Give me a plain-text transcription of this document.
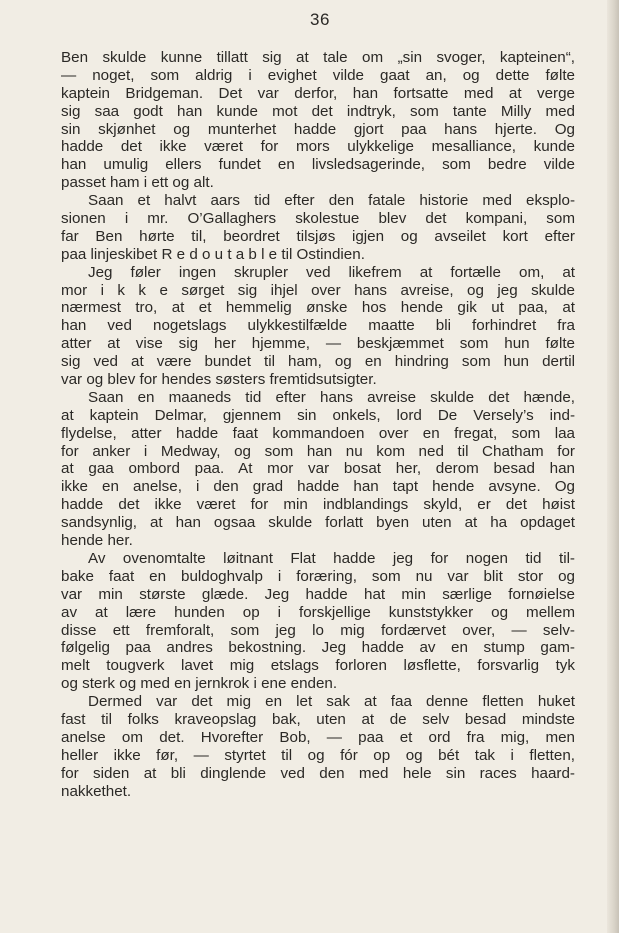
36
Ben skulde kunne tillatt sig at tale om „sin svoger, kapteinen“,
— noget, som aldrig i evighet vilde gaat an, og dette følte
kaptein Bridgeman. Det var derfor, han fortsatte med at verge
sig saa godt han kunde mot det indtryk, som tante Milly med
sin skjønhet og munterhet hadde gjort paa hans hjerte. Og
hadde det ikke været for mors ulykkelige mesalliance, kunde
han umulig ellers fundet en livsledsagerinde, som bedre vilde
passet ham i ett og alt.
Saan et halvt aars tid efter den fatale historie med eksplo-
sionen i mr. O’Gallaghers skolestue blev det kompani, som
far Ben hørte til, beordret tilsjøs igjen og avseilet kort efter
paa linjeskibet R e d o u t a b l e til Ostindien.
Jeg føler ingen skrupler ved likefrem at fortælle om, at
mor i k k e sørget sig ihjel over hans avreise, og jeg skulde
nærmest tro, at et hemmelig ønske hos hende gik ut paa, at
han ved nogetslags ulykkestilfælde maatte bli forhindret fra
atter at vise sig her hjemme, — beskjæmmet som hun følte
sig ved at være bundet til ham, og en hindring som hun dertil
var og blev for hendes søsters fremtidsutsigter.
Saan en maaneds tid efter hans avreise skulde det hænde,
at kaptein Delmar, gjennem sin onkels, lord De Versely’s ind-
flydelse, atter hadde faat kommandoen over en fregat, som laa
for anker i Medway, og som han nu kom ned til Chatham for
at gaa ombord paa. At mor var bosat her, derom besad han
ikke en anelse, i den grad hadde han tapt hende avsyne. Og
hadde det ikke været for min indblandings skyld, er det høist
sandsynlig, at han ogsaa skulde forlatt byen uten at ha opdaget
hende her.
Av ovenomtalte løitnant Flat hadde jeg for nogen tid til-
bake faat en buldoghvalp i foræring, som nu var blit stor og
var min største glæde. Jeg hadde hat min særlige fornøielse
av at lære hunden op i forskjellige kunststykker og mellem
disse ett fremforalt, som jeg lo mig fordærvet over, — selv-
følgelig paa andres bekostning. Jeg hadde av en stump gam-
melt tougverk lavet mig etslags forloren løsflette, forsvarlig tyk
og sterk og med en jernkrok i ene enden.
Dermed var det mig en let sak at faa denne fletten huket
fast til folks kraveopslag bak, uten at de selv besad mindste
anelse om det. Hvorefter Bob, — paa et ord fra mig, men
heller ikke før, — styrtet til og fór op og bét tak i fletten,
for siden at bli dinglende ved den med hele sin races haard-
nakkethet.
